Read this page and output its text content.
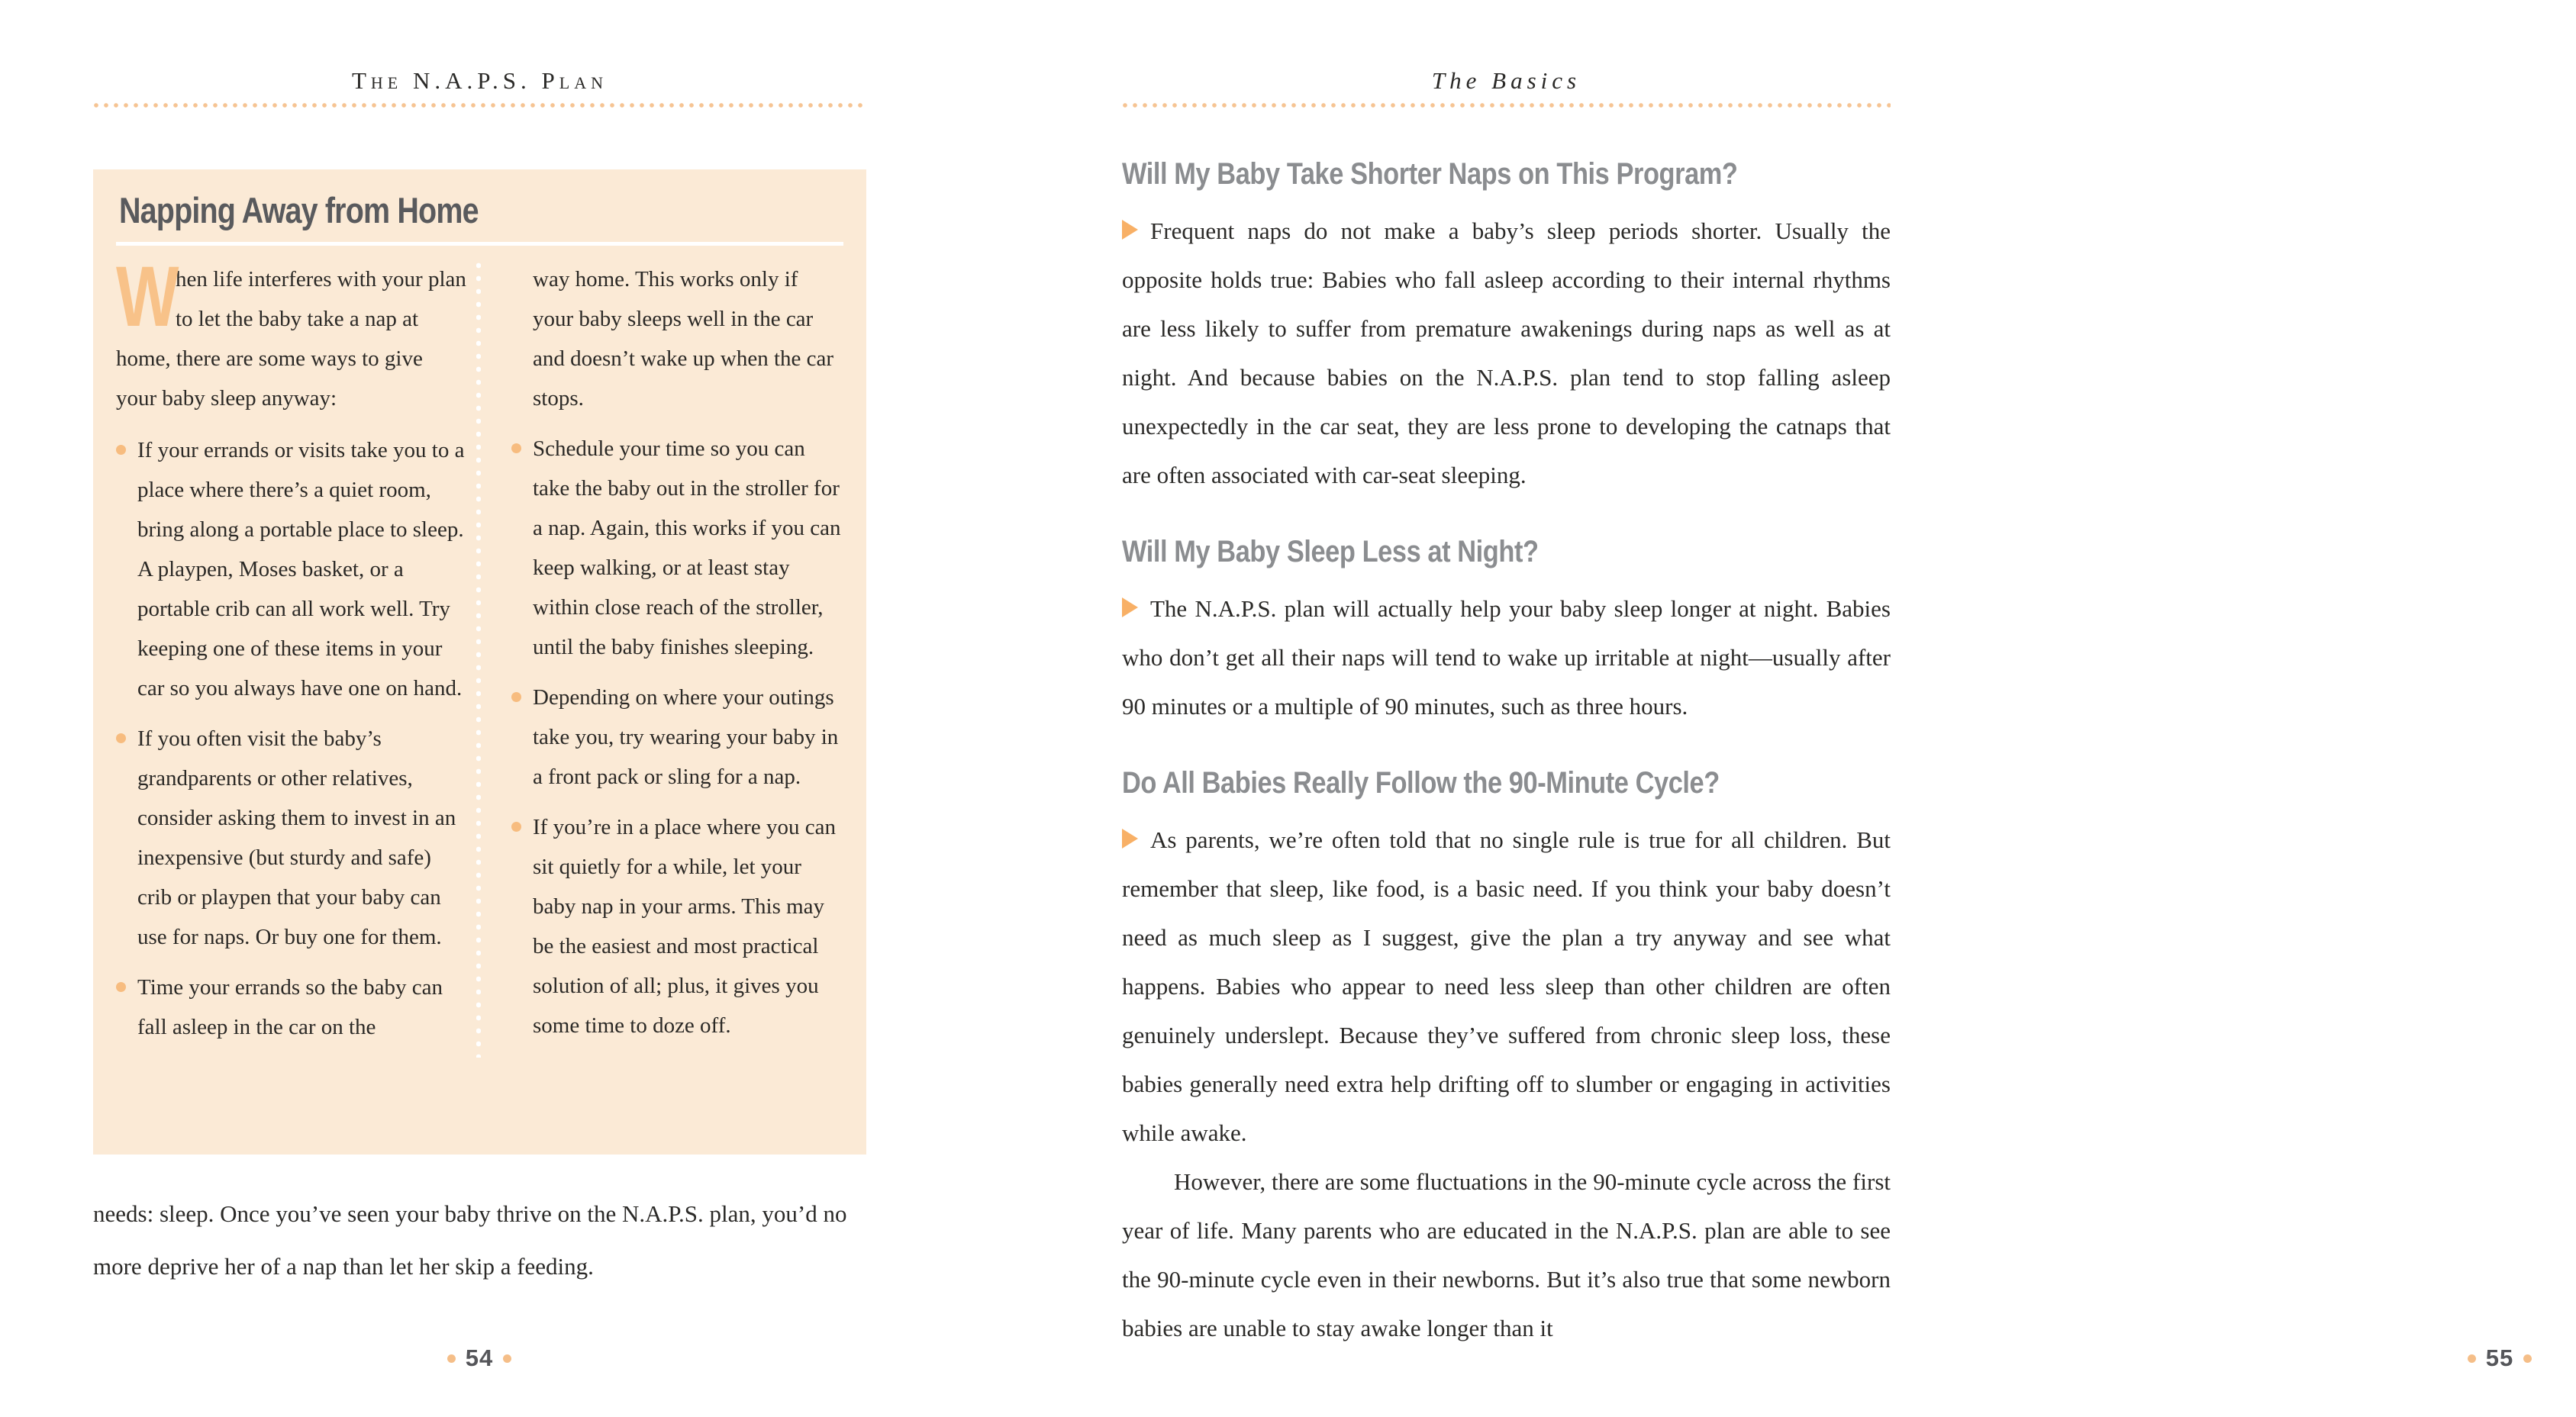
The N.A.P.S. Plan
Napping Away from Home

W
hen life interferes with your plan to let the baby take a nap at home, there are some ways to give your baby sleep anyway:

If your errands or visits take you to a place where there’s a quiet room, bring along a portable place to sleep. A playpen, Moses basket, or a portable crib can all work well. Try keeping one of these items in your car so you always have one on hand.
If you often visit the baby’s grandparents or other relatives, consider asking them to invest in an inexpensive (but sturdy and safe) crib or playpen that your baby can use for naps. Or buy one for them.
Time your errands so the baby can fall asleep in the car on the

way home. This works only if your baby sleeps well in the car and doesn’t wake up when the car stops.

Schedule your time so you can take the baby out in the stroller for a nap. Again, this works if you can keep walking, or at least stay within close reach of the stroller, until the baby finishes sleeping.
Depending on where your outings take you, try wearing your baby in a front pack or sling for a nap.
If you’re in a place where you can sit quietly for a while, let your baby nap in your arms. This may be the easiest and most practical solution of all; plus, it gives you some time to doze off.

needs: sleep. Once you’ve seen your baby thrive on the N.A.P.S. plan, you’d no more deprive her of a nap than let her skip a feeding.

54
The Basics
Will My Baby Take Shorter Naps on This Program?

Frequent naps do not make a baby’s sleep periods shorter. Usually the opposite holds true: Babies who fall asleep according to their internal rhythms are less likely to suffer from premature awakenings during naps as well as at night. And because babies on the N.A.P.S. plan tend to stop falling asleep unexpectedly in the car seat, they are less prone to developing the catnaps that are often associated with car-seat sleeping.

Will My Baby Sleep Less at Night?

The N.A.P.S. plan will actually help your baby sleep longer at night. Babies who don’t get all their naps will tend to wake up irritable at night—usually after 90 minutes or a multiple of 90 minutes, such as three hours.

Do All Babies Really Follow the 90-Minute Cycle?

As parents, we’re often told that no single rule is true for all children. But remember that sleep, like food, is a basic need. If you think your baby doesn’t need as much sleep as I suggest, give the plan a try anyway and see what happens. Babies who appear to need less sleep than other children are often genuinely underslept. Because they’ve suffered from chronic sleep loss, these babies generally need extra help drifting off to slumber or engaging in activities while awake.

However, there are some fluctuations in the 90-minute cycle across the first year of life. Many parents who are educated in the N.A.P.S. plan are able to see the 90-minute cycle even in their newborns. But it’s also true that some newborn babies are unable to stay awake longer than it

55
